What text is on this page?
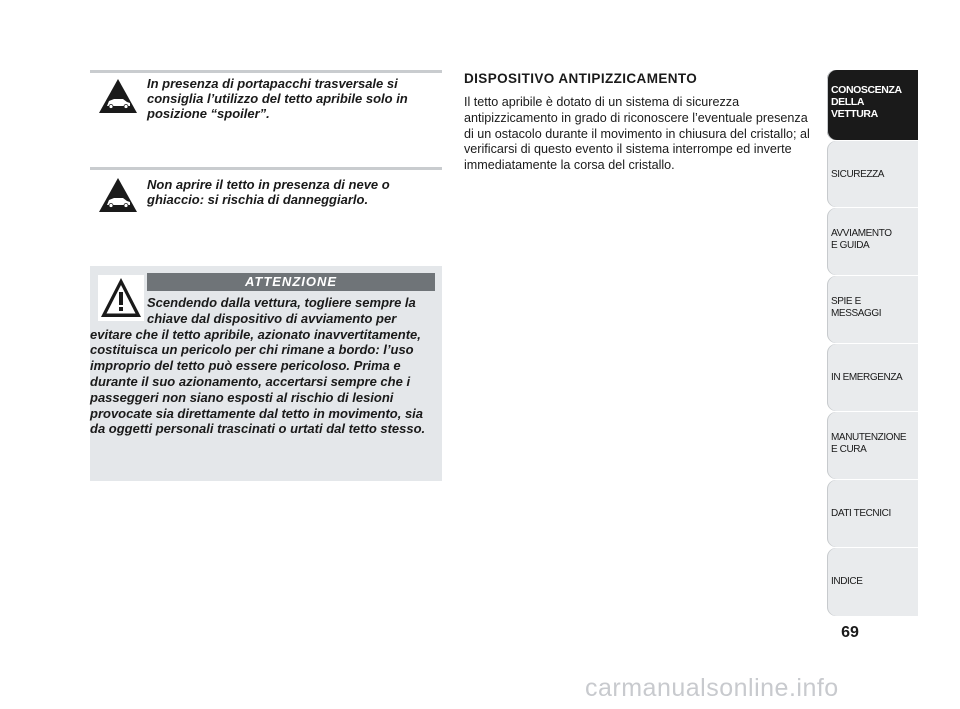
In presenza di portapacchi trasversale si consiglia l’utilizzo del tetto apribile solo in posizione “spoiler”.
Non aprire il tetto in presenza di neve o ghiaccio: si rischia di danneggiarlo.
ATTENZIONE
Scendendo dalla vettura, togliere sempre la chiave dal dispositivo di avviamento per evitare che il tetto apribile, azionato inavvertitamente, costituisca un pericolo per chi rimane a bordo: l’uso improprio del tetto può essere pericoloso. Prima e durante il suo azionamento, accertarsi sempre che i passeggeri non siano esposti al rischio di lesioni provocate sia direttamente dal tetto in movimento, sia da oggetti personali trascinati o urtati dal tetto stesso.
DISPOSITIVO ANTIPIZZICAMENTO
Il tetto apribile è dotato di un sistema di sicurezza antipizzicamento in grado di riconoscere l’eventuale presenza di un ostacolo durante il movimento in chiusura del cristallo; al verificarsi di questo evento il sistema interrompe ed inverte immediatamente la corsa del cristallo.
CONOSCENZA
DELLA
VETTURA
SICUREZZA
AVVIAMENTO
E GUIDA
SPIE E
MESSAGGI
IN EMERGENZA
MANUTENZIONE
E CURA
DATI TECNICI
INDICE
69
carmanualsonline.info
